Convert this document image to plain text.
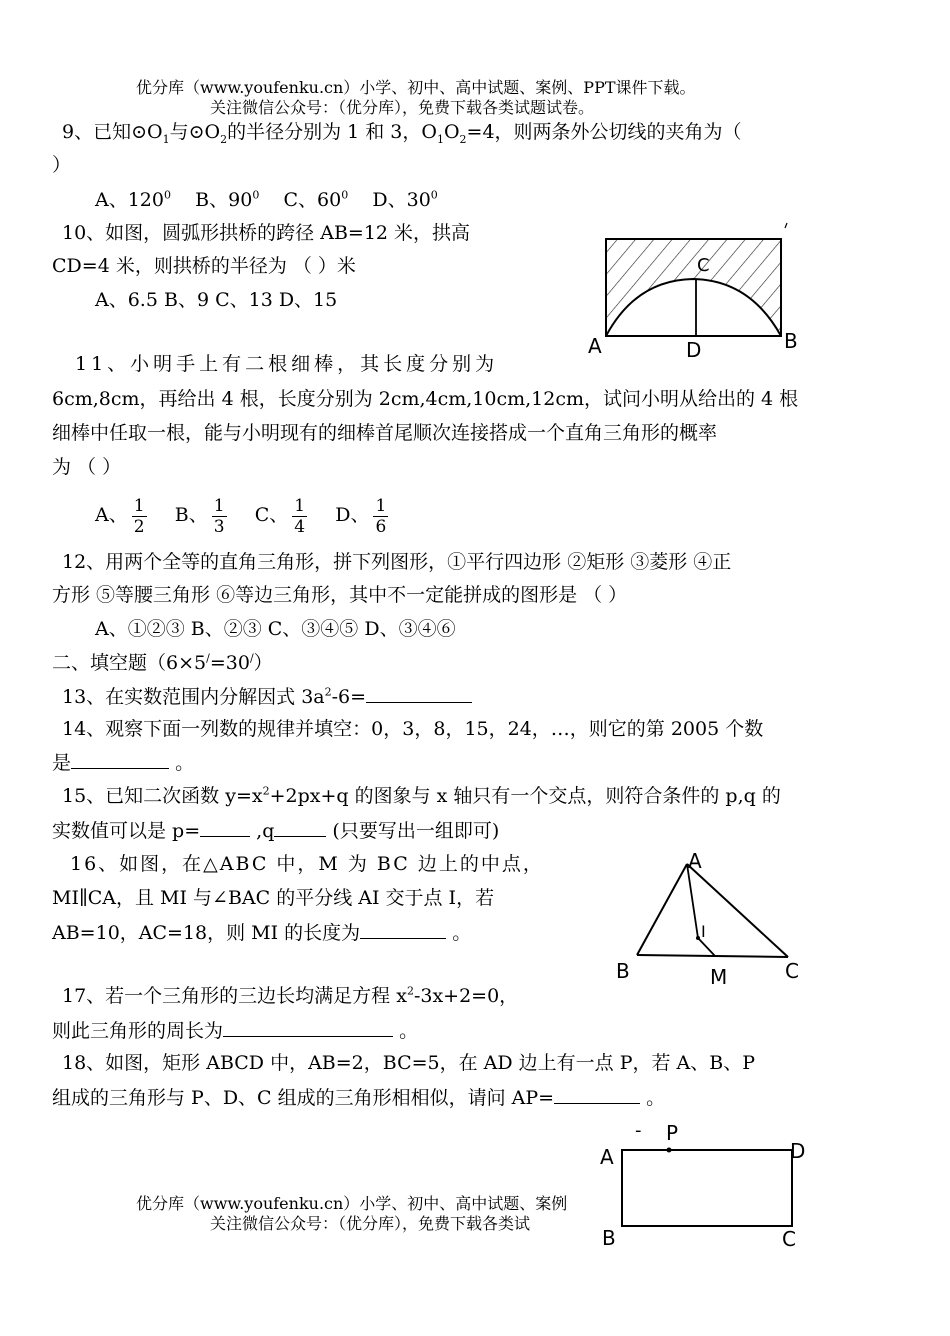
优分库（www.youfenku.cn）小学、初中、高中试题、案例、PPT课件下载。
关注微信公众号：（优分库），免费下载各类试题试卷。
9、已知$⊙O_1$与$⊙O_2$的半径分别为 1 和 3，$O_1O_2=4$，则两条外公切线的夹角为（
）
A、$120^0$ B、$90^0$ C、$60^0$ D、$30^0$
10、如图，圆弧形拱桥的跨径 AB=12 米，拱高
CD=4 米，则拱桥的半径为 （ ）米
A、6.5 B、9 C、13 D、15
A	D	B
C
11、小明手上有二根细棒，其长度分别为
6cm,8cm，再给出 4 根，长度分别为 2cm,4cm,10cm,12cm，试问小明从给出的 4 根
细棒中任取一根，能与小明现有的细棒首尾顺次连接搭成一个直角三角形的概率
为 （ ）
A、 $\frac{1}{2}$ B、 $\frac{1}{3}$ C、 $\frac{1}{4}$ D、 $\frac{1}{6}$
12、用两个全等的直角三角形，拼下列图形，①平行四边形 ②矩形 ③菱形 ④正
方形 ⑤等腰三角形 ⑥等边三角形，其中不一定能拼成的图形是 （ ）
A、①②③ B、②③ C、③④⑤ D、③④⑥
二、填空题（6×5/=30/）
13、在实数范围内分解因式 $3a^2-6=$
14、观察下面一列数的规律并填空：0，3，8，15，24，…，则它的第 2005 个数
是	。
15、已知二次函数 $y=x^2+2px+q$ 的图象与 x 轴只有一个交点，则符合条件的 p,q 的
实数值可以是 p=	,q	(只要写出一组即可)
16、如图，在△ABC 中，M 为 BC 边上的中点，
MI∥CA，且 MI 与∠BAC 的平分线 AI 交于点 I，若
AB=10，AC=18，则 MI 的长度为	。
A
B	M	C
I
17、若一个三角形的三边长均满足方程 $x^2-3x+2=0$，
则此三角形的周长为	。
18、如图，矩形 ABCD 中，AB=2，BC=5，在 AD 边上有一点 P，若 A、B、P
组成的三角形与 P、D、C 组成的三角形相相似，请问 AP=	。
A
P
-
D
B	C
优分库（www.youfenku.cn）小学、初中、高中试题、案例
关注微信公众号：（优分库），免费下载各类试
